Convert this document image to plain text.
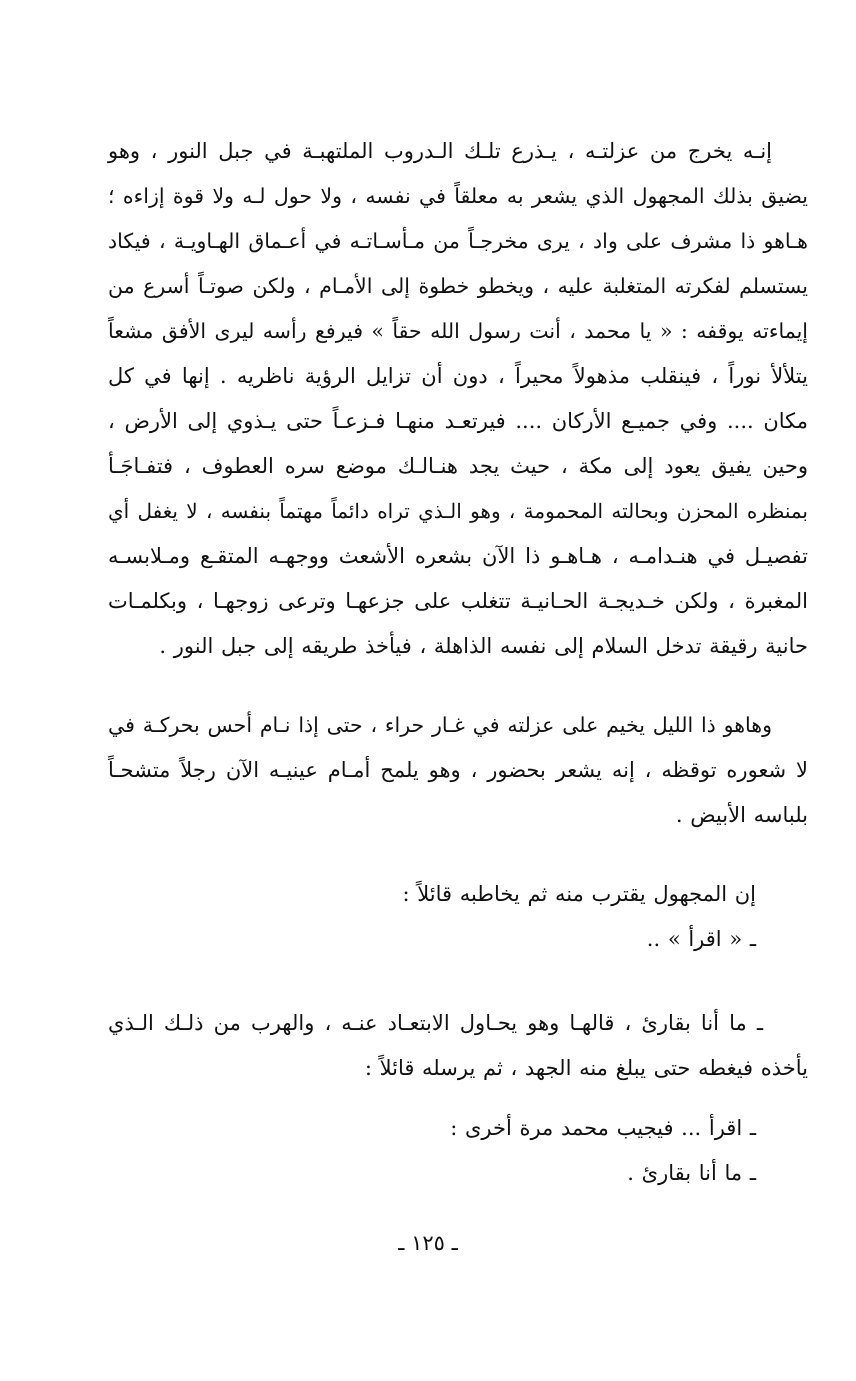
إنـه يخرج من عزلتـه ، يـذرع تلـك الـدروب الملتهبـة في جبل النور ، وهو
يضيق بذلك المجهول الذي يشعر به معلقاً في نفسه ، ولا حول لـه ولا قوة إزاءه ؛
هـاهو ذا مشرف على واد ، يرى مخرجـاً من مـأسـاتـه في أعـماق الهـاويـة ، فيكاد
يستسلم لفكرته المتغلبة عليه ، ويخطو خطوة إلى الأمـام ، ولكن صوتـاً أسرع من
إيماءته يوقفه : « يا محمد ، أنت رسول الله حقاً » فيرفع رأسه ليرى الأفق مشعاً
يتلألأ نوراً ، فينقلب مذهولاً محيراً ، دون أن تزايل الرؤية ناظريه . إنها في كل
مكان .... وفي جميـع الأركان .... فيرتعـد منهـا فـزعـاً حتى يـذوي إلى الأرض ،
وحين يفيق يعود إلى مكة ، حيث يجد هنـالـك موضع سره العطوف ، فتفـاجَـأ
بمنظره المحزن وبحالته المحمومة ، وهو الـذي تراه دائماً مهتماً بنفسه ، لا يغفل أي
تفصيـل في هنـدامـه ، هـاهـو ذا الآن بشعره الأشعث ووجهـه المتقـع ومـلابسـه
المغبرة ، ولكن خـديجـة الحـانيـة تتغلب على جزعهـا وترعى زوجهـا ، وبكلمـات
حانية رقيقة تدخل السلام إلى نفسه الذاهلة ، فيأخذ طريقه إلى جبل النور .
وهاهو ذا الليل يخيم على عزلته في غـار حراء ، حتى إذا نـام أحس بحركـة في
لا شعوره توقظه ، إنه يشعر بحضور ، وهو يلمح أمـام عينيـه الآن رجلاً متشحـاً
بلباسه الأبيض .
إن المجهول يقترب منه ثم يخاطبه قائلاً :
ـ « اقرأ » ..
ـ ما أنا بقارئ ، قالهـا وهو يحـاول الابتعـاد عنـه ، والهرب من ذلـك الـذي
يأخذه فيغطه حتى يبلغ منه الجهد ، ثم يرسله قائلاً :
ـ اقرأ ... فيجيب محمد مرة أخرى :
ـ ما أنا بقارئ .
ـ ١٢٥ ـ
